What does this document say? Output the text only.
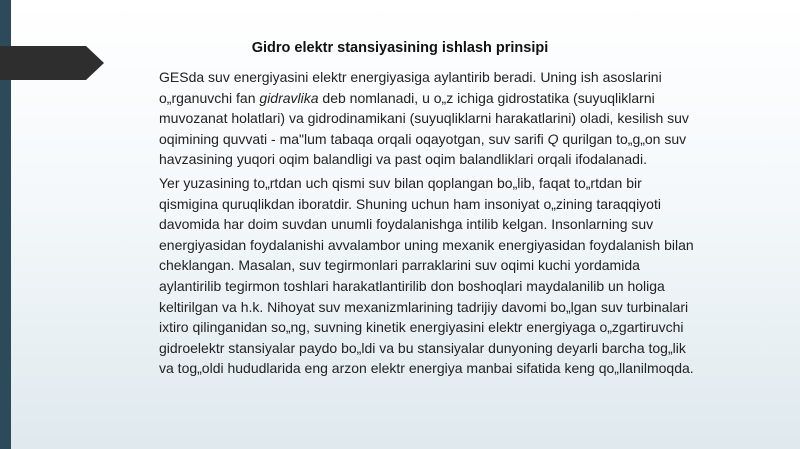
Gidro elektr stansiyasining ishlash prinsipi

GESda suv energiyasini elektr energiyasiga aylantirib beradi. Uning ish asoslarini
o„rganuvchi fan gidravlika deb nomlanadi, u o„z ichiga gidrostatika (suyuqliklarni
muvozanat holatlari) va gidrodinamikani (suyuqliklarni harakatlarini) oladi, kesilish suv
oqimining quvvati - ma"lum tabaqa orqali oqayotgan, suv sarifi Q qurilgan to„g„on suv
havzasining yuqori oqim balandligi va past oqim balandliklari orqali ifodalanadi.

Yer yuzasining to„rtdan uch qismi suv bilan qoplangan bo„lib, faqat to„rtdan bir
qismigina quruqlikdan iboratdir. Shuning uchun ham insoniyat o„zining taraqqiyoti
davomida har doim suvdan unumli foydalanishga intilib kelgan. Insonlarning suv
energiyasidan foydalanishi avvalambor uning mexanik energiyasidan foydalanish bilan
cheklangan. Masalan, suv tegirmonlari parraklarini suv oqimi kuchi yordamida
aylantirilib tegirmon toshlari harakatlantirilib don boshoqlari maydalanilib un holiga
keltirilgan va h.k. Nihoyat suv mexanizmlarining tadrijiy davomi bo„lgan suv turbinalari
ixtiro qilinganidan so„ng, suvning kinetik energiyasini elektr energiyaga o„zgartiruvchi
gidroelektr stansiyalar paydo bo„ldi va bu stansiyalar dunyoning deyarli barcha tog„lik
va tog„oldi hududlarida eng arzon elektr energiya manbai sifatida keng qo„llanilmoqda.
